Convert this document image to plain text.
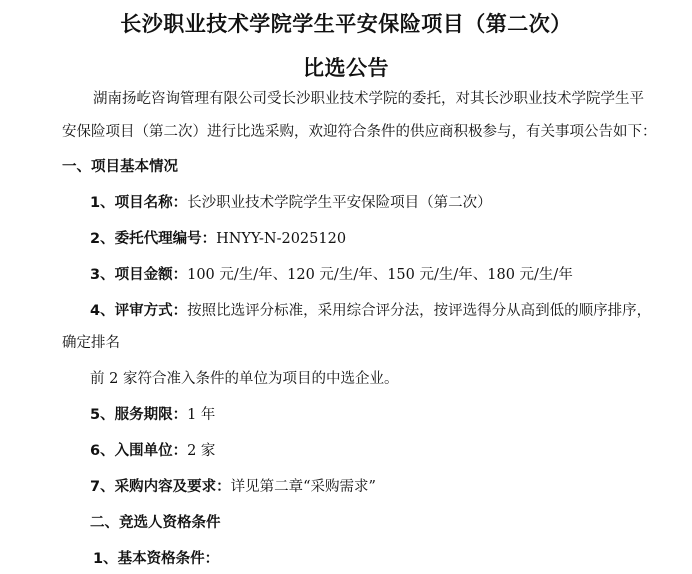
长沙职业技术学院学生平安保险项目（第二次）
比选公告
湖南扬屹咨询管理有限公司受长沙职业技术学院的委托，对其长沙职业技术学院学生平
安保险项目（第二次）进行比选采购，欢迎符合条件的供应商积极参与，有关事项公告如下：
一、项目基本情况
1、项目名称：长沙职业技术学院学生平安保险项目（第二次）
2、委托代理编号：HNYY-N-2025120
3、项目金额：100 元/生/年、120 元/生/年、150 元/生/年、180 元/生/年
4、评审方式：按照比选评分标准，采用综合评分法，按评选得分从高到低的顺序排序，
确定排名
前 2 家符合准入条件的单位为项目的中选企业。
5、服务期限：1 年
6、入围单位：2 家
7、采购内容及要求：详见第二章“采购需求”
二、竞选人资格条件
1、基本资格条件：
